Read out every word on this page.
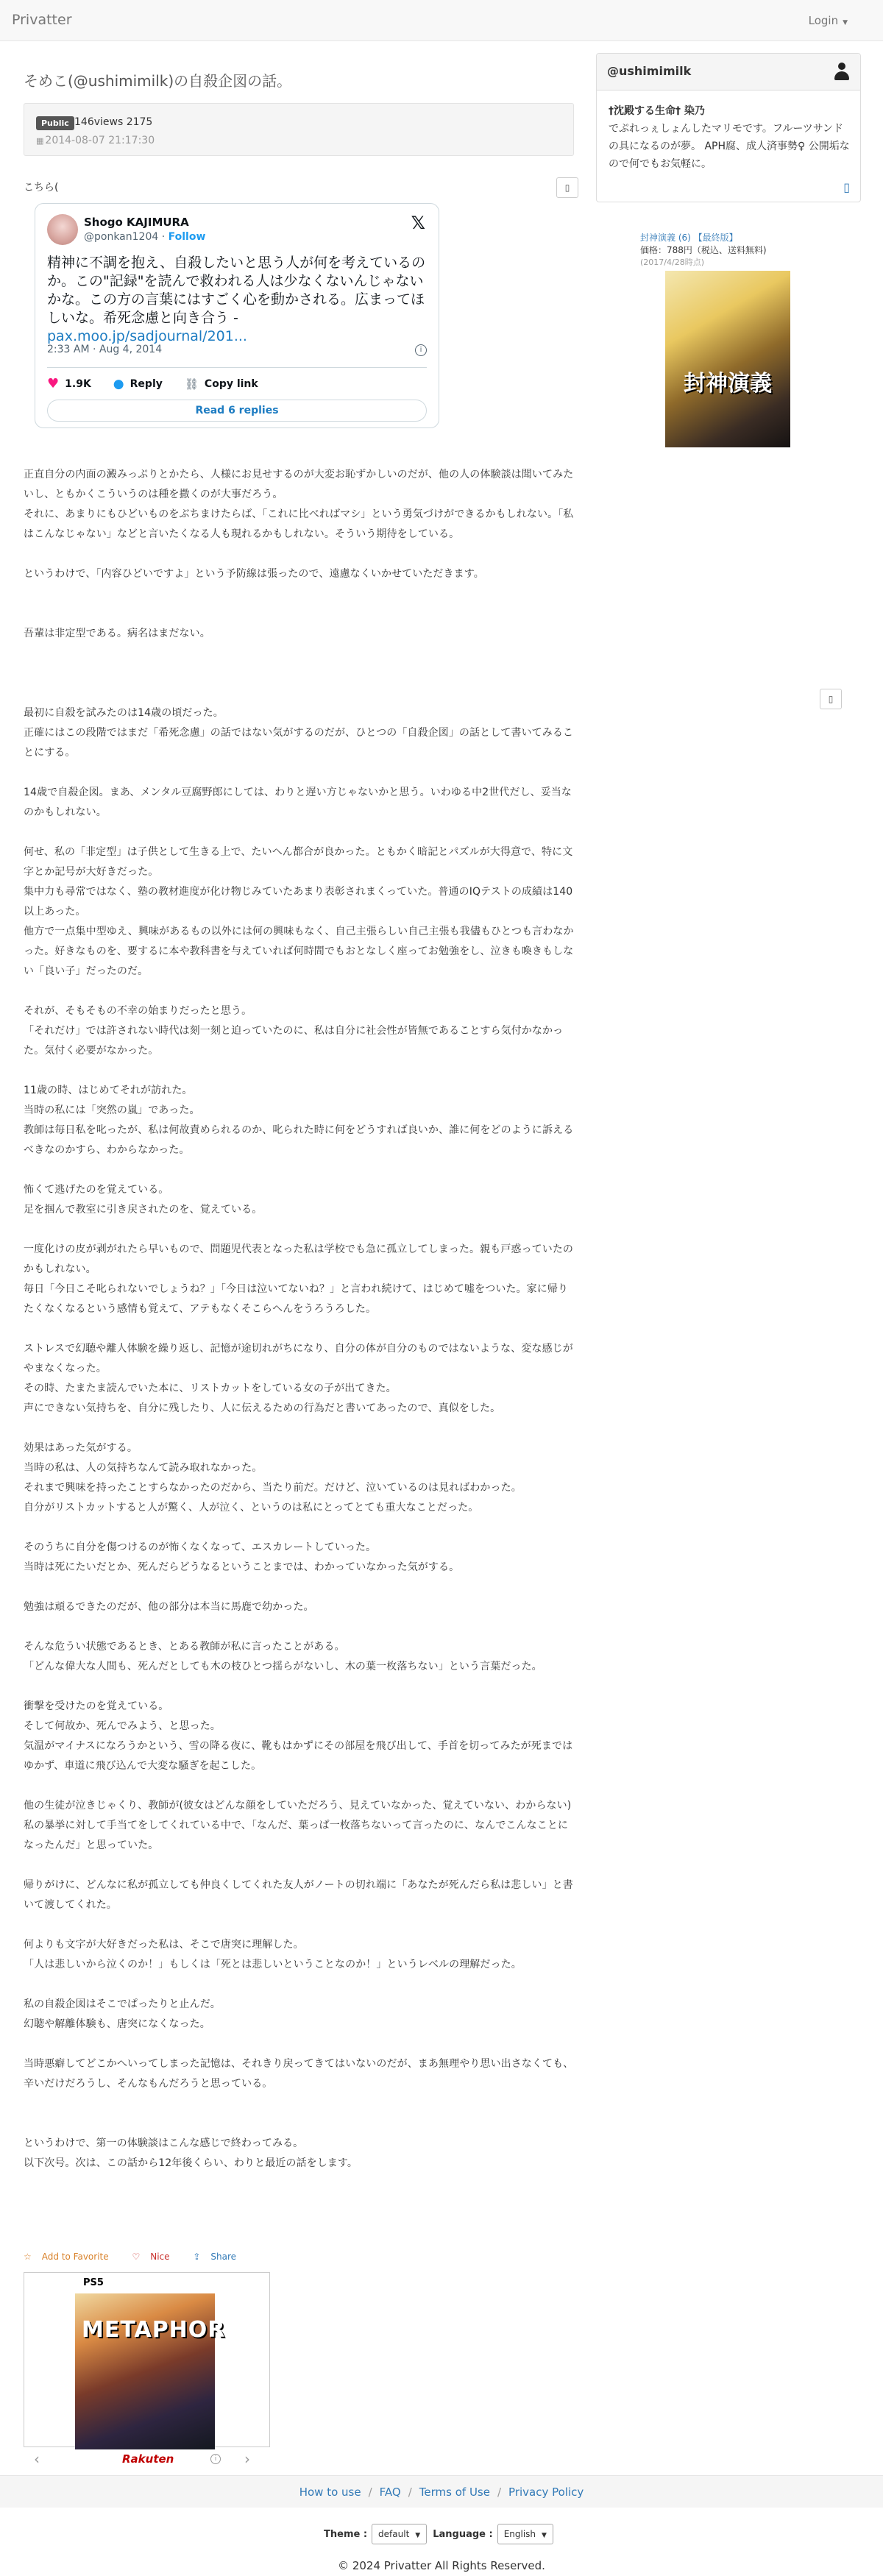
Privatter	Login ▼
そめこ(@ushimimilk)の自殺企図の話。
Public 146views 2175
▦ 2014-08-07 21:17:30
こちら(	▯
Shogo KAJIMURA
@ponkan1204 · Follow
𝕏
精神に不調を抱え、自殺したいと思う人が何を考えているのか。この"記録"を読んで救われる人は少なくないんじゃないかな。この方の言葉にはすごく心を動かされる。広まってほしいな。希死念慮と向き合う -
pax.moo.jp/sadjournal/201...
2:33 AM · Aug 4, 2014	i
♥ 1.9K ● Reply ⛓ Copy link
Read 6 replies

正直自分の内面の澱みっぷりとかたら、人様にお見せするのが大変お恥ずかしいのだが、他の人の体験談は聞いてみたいし、ともかくこういうのは種を撒くのが大事だろう。

それに、あまりにもひどいものをぶちまけたらば、「これに比べればマシ」という勇気づけができるかもしれない。「私はこんなじゃない」などと言いたくなる人も現れるかもしれない。そういう期待をしている。

というわけで、「内容ひどいですよ」という予防線は張ったので、遠慮なくいかせていただきます。

吾輩は非定型である。病名はまだない。

最初に自殺を試みたのは14歳の頃だった。

正確にはこの段階ではまだ「希死念慮」の話ではない気がするのだが、ひとつの「自殺企図」の話として書いてみることにする。

14歳で自殺企図。まあ、メンタル豆腐野郎にしては、わりと遅い方じゃないかと思う。いわゆる中2世代だし、妥当なのかもしれない。

何せ、私の「非定型」は子供として生きる上で、たいへん都合が良かった。ともかく暗記とパズルが大得意で、特に文字とか記号が大好きだった。

集中力も尋常ではなく、塾の教材進度が化け物じみていたあまり表彰されまくっていた。普通のIQテストの成績は140以上あった。

他方で一点集中型ゆえ、興味があるもの以外には何の興味もなく、自己主張らしい自己主張も我儘もひとつも言わなかった。好きなものを、要するに本や教科書を与えていれば何時間でもおとなしく座ってお勉強をし、泣きも喚きもしない「良い子」だったのだ。

それが、そもそもの不幸の始まりだったと思う。

「それだけ」では許されない時代は刻一刻と迫っていたのに、私は自分に社会性が皆無であることすら気付かなかった。気付く必要がなかった。

11歳の時、はじめてそれが訪れた。

当時の私には「突然の嵐」であった。

教師は毎日私を叱ったが、私は何故責められるのか、叱られた時に何をどうすれば良いか、誰に何をどのように訴えるべきなのかすら、わからなかった。

怖くて逃げたのを覚えている。

足を掴んで教室に引き戻されたのを、覚えている。

一度化けの皮が剥がれたら早いもので、問題児代表となった私は学校でも急に孤立してしまった。親も戸惑っていたのかもしれない。

毎日「今日こそ叱られないでしょうね？」「今日は泣いてないね？」と言われ続けて、はじめて嘘をついた。家に帰りたくなくなるという感情も覚えて、アテもなくそこらへんをうろうろした。

ストレスで幻聴や離人体験を繰り返し、記憶が途切れがちになり、自分の体が自分のものではないような、変な感じがやまなくなった。

その時、たまたま読んでいた本に、リストカットをしている女の子が出てきた。

声にできない気持ちを、自分に残したり、人に伝えるための行為だと書いてあったので、真似をした。

効果はあった気がする。

当時の私は、人の気持ちなんて読み取れなかった。

それまで興味を持ったことすらなかったのだから、当たり前だ。だけど、泣いているのは見ればわかった。

自分がリストカットすると人が驚く、人が泣く、というのは私にとってとても重大なことだった。

そのうちに自分を傷つけるのが怖くなくなって、エスカレートしていった。

当時は死にたいだとか、死んだらどうなるということまでは、わかっていなかった気がする。

勉強は頑るできたのだが、他の部分は本当に馬鹿で幼かった。

そんな危うい状態であるとき、とある教師が私に言ったことがある。

「どんな偉大な人間も、死んだとしても木の枝ひとつ揺らがないし、木の葉一枚落ちない」という言葉だった。

衝撃を受けたのを覚えている。

そして何故か、死んでみよう、と思った。

気温がマイナスになろうかという、雪の降る夜に、靴もはかずにその部屋を飛び出して、手首を切ってみたが死まではゆかず、車道に飛び込んで大変な騒ぎを起こした。

他の生徒が泣きじゃくり、教師が(彼女はどんな顔をしていただろう、見えていなかった、覚えていない、わからない)私の暴挙に対して手当てをしてくれている中で、「なんだ、葉っぱ一枚落ちないって言ったのに、なんでこんなことになったんだ」と思っていた。

帰りがけに、どんなに私が孤立しても仲良くしてくれた友人がノートの切れ端に「あなたが死んだら私は悲しい」と書いて渡してくれた。

何よりも文字が大好きだった私は、そこで唐突に理解した。

「人は悲しいから泣くのか！」もしくは「死とは悲しいということなのか！」というレベルの理解だった。

私の自殺企図はそこでぱったりと止んだ。

幻聴や解離体験も、唐突になくなった。

当時悪癖してどこかへいってしまった記憶は、それきり戻ってきてはいないのだが、まあ無理やり思い出さなくても、辛いだけだろうし、そんなもんだろうと思っている。

というわけで、第一の体験談はこんな感じで終わってみる。

以下次号。次は、この話から12年後くらい、わりと最近の話をします。

▯
☆ Add to Favorite	♡ Nice	⇪ Share
PS5
METAPHOR
‹	Rakuten	i ›
@ushimimilk
†沈殿する生命† 染乃
でぷれっぇしょんしたマリモです。フルーツサンドの具になるのが夢。 APH腐、成人済事勢♀ 公開垢なので何でもお気軽に。
▯
封神演義 (6) 【最終版】
価格：788円（税込、送料無料)
(2017/4/28時点)
封神演義
How to use / FAQ / Terms of Use / Privacy Policy
Theme : default ▼ Language : English ▼
© 2024 Privatter All Rights Reserved.
